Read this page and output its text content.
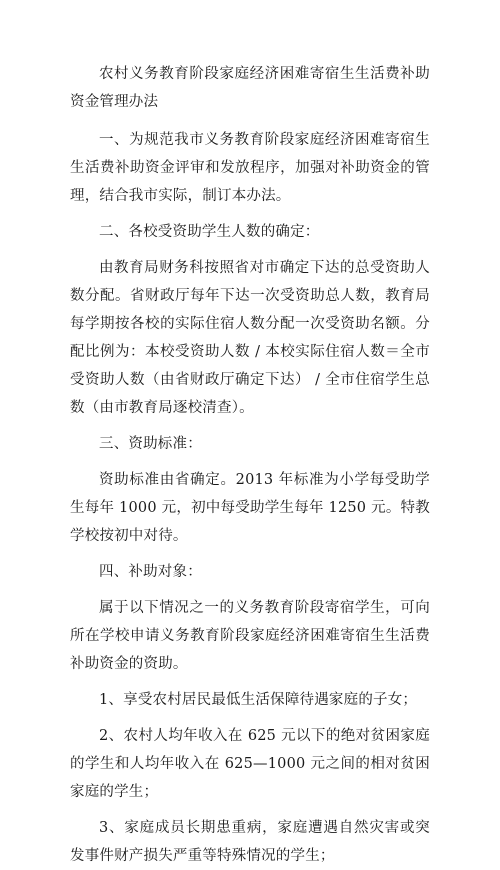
农村义务教育阶段家庭经济困难寄宿生生活费补助资金管理办法

一、为规范我市义务教育阶段家庭经济困难寄宿生生活费补助资金评审和发放程序，加强对补助资金的管理，结合我市实际，制订本办法。

二、各校受资助学生人数的确定：

由教育局财务科按照省对市确定下达的总受资助人数分配。省财政厅每年下达一次受资助总人数，教育局每学期按各校的实际住宿人数分配一次受资助名额。分配比例为：本校受资助人数 / 本校实际住宿人数＝全市受资助人数（由省财政厅确定下达） / 全市住宿学生总数（由市教育局逐校清查）。

三、资助标准：

资助标准由省确定。2013 年标准为小学每受助学生每年 1000 元，初中每受助学生每年 1250 元。特教学校按初中对待。

四、补助对象：

属于以下情况之一的义务教育阶段寄宿学生，可向所在学校申请义务教育阶段家庭经济困难寄宿生生活费补助资金的资助。

1、享受农村居民最低生活保障待遇家庭的子女；

2、农村人均年收入在 625 元以下的绝对贫困家庭的学生和人均年收入在 625—1000 元之间的相对贫困家庭的学生；

3、家庭成员长期患重病，家庭遭遇自然灾害或突发事件财产损失严重等特殊情况的学生；
